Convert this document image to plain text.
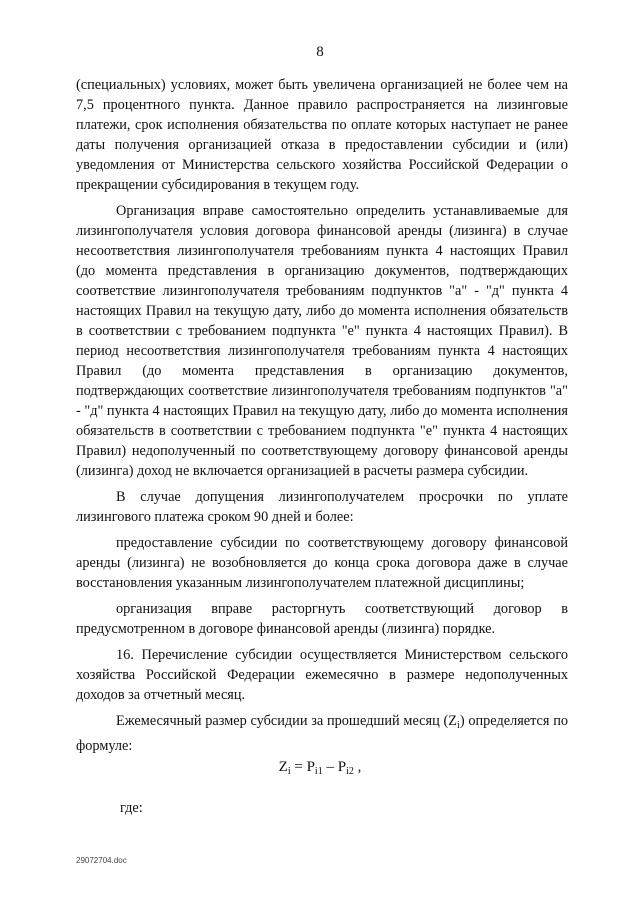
8

(специальных) условиях, может быть увеличена организацией не более чем на 7,5 процентного пункта. Данное правило распространяется на лизинговые платежи, срок исполнения обязательства по оплате которых наступает не ранее даты получения организацией отказа в предоставлении субсидии и (или) уведомления от Министерства сельского хозяйства Российской Федерации о прекращении субсидирования в текущем году.

Организация вправе самостоятельно определить устанавливаемые для лизингополучателя условия договора финансовой аренды (лизинга) в случае несоответствия лизингополучателя требованиям пункта 4 настоящих Правил (до момента представления в организацию документов, подтверждающих соответствие лизингополучателя требованиям подпунктов "а" - "д" пункта 4 настоящих Правил на текущую дату, либо до момента исполнения обязательств в соответствии с требованием подпункта "е" пункта 4 настоящих Правил). В период несоответствия лизингополучателя требованиям пункта 4 настоящих Правил (до момента представления в организацию документов, подтверждающих соответствие лизингополучателя требованиям подпунктов "а" - "д" пункта 4 настоящих Правил на текущую дату, либо до момента исполнения обязательств в соответствии с требованием подпункта "е" пункта 4 настоящих Правил) недополученный по соответствующему договору финансовой аренды (лизинга) доход не включается организацией в расчеты размера субсидии.

В случае допущения лизингополучателем просрочки по уплате лизингового платежа сроком 90 дней и более:

предоставление субсидии по соответствующему договору финансовой аренды (лизинга) не возобновляется до конца срока договора даже в случае восстановления указанным лизингополучателем платежной дисциплины;

организация вправе расторгнуть соответствующий договор в предусмотренном в договоре финансовой аренды (лизинга) порядке.

16. Перечисление субсидии осуществляется Министерством сельского хозяйства Российской Федерации ежемесячно в размере недополученных доходов за отчетный месяц.

Ежемесячный размер субсидии за прошедший месяц $(Z_i)$ определяется по формуле:

$Z_i = P_{i1} - P_{i2}$ ,
где:
29072704.doc
